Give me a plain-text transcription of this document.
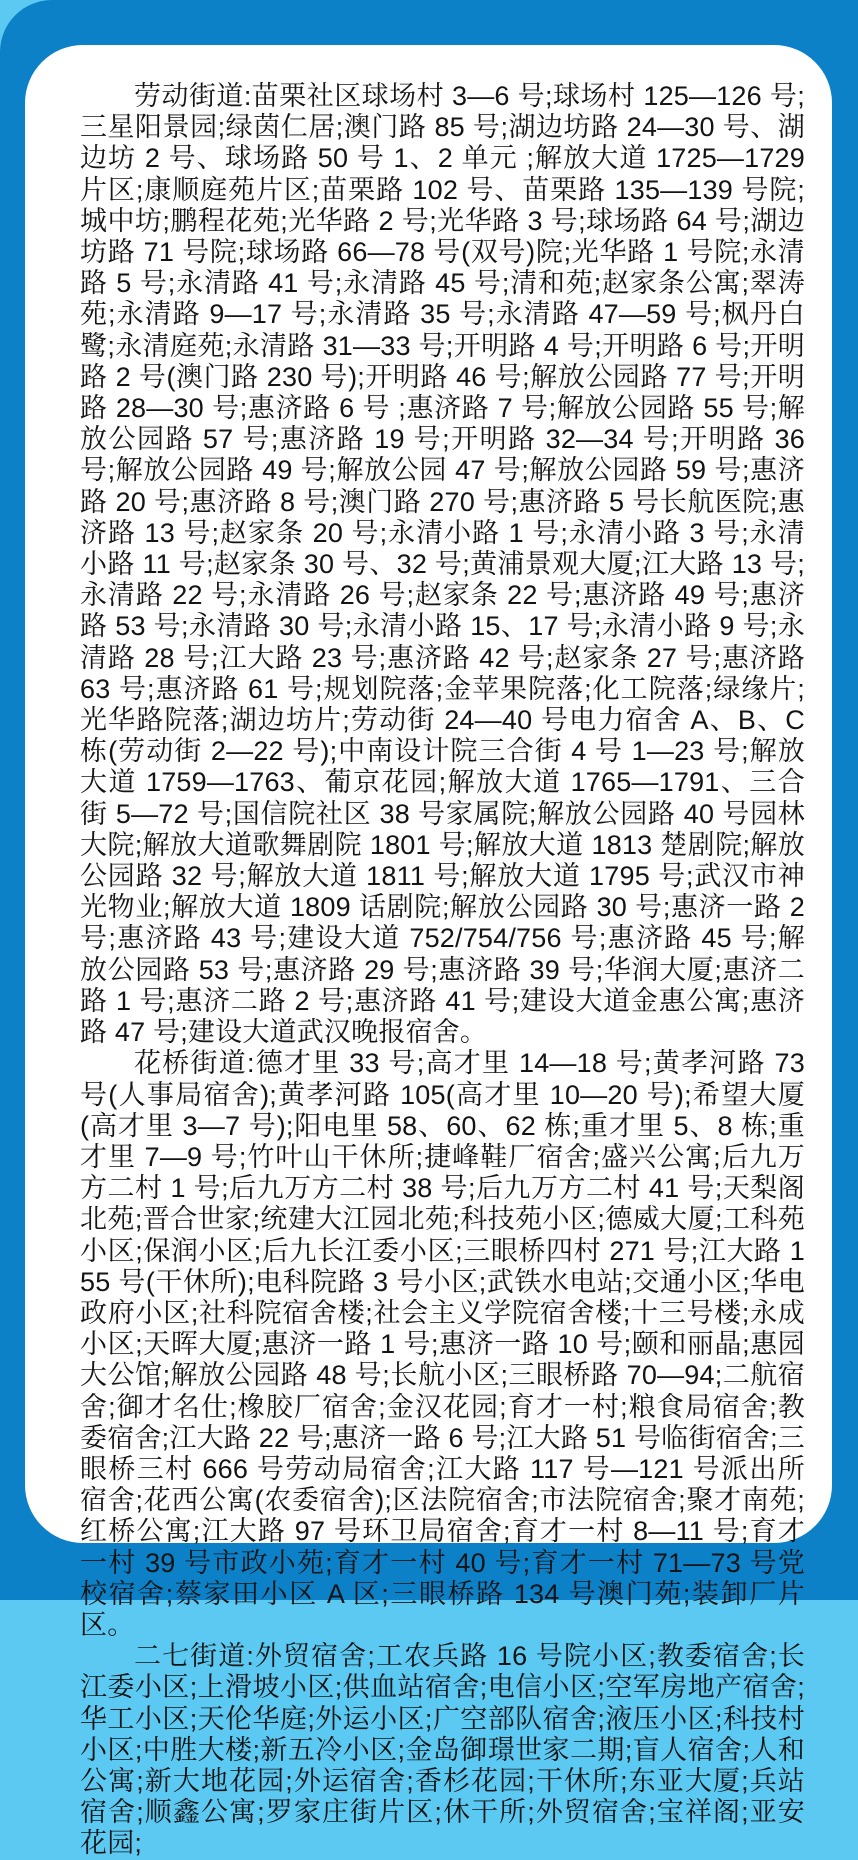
劳动街道:苗栗社区球场村 3—6 号;球场村 125—126 号;三星阳景园;绿茵仁居;澳门路 85 号;湖边坊路 24—30 号、湖边坊 2 号、球场路 50 号 1、2 单元 ;解放大道 1725—1729 片区;康顺庭苑片区;苗栗路 102 号、苗栗路 135—139 号院;城中坊;鹏程花苑;光华路 2 号;光华路 3 号;球场路 64 号;湖边坊路 71 号院;球场路 66—78 号(双号)院;光华路 1 号院;永清路 5 号;永清路 41 号;永清路 45 号;清和苑;赵家条公寓;翠涛苑;永清路 9—17 号;永清路 35 号;永清路 47—59 号;枫丹白鹭;永清庭苑;永清路 31—33 号;开明路 4 号;开明路 6 号;开明路 2 号(澳门路 230 号);开明路 46 号;解放公园路 77 号;开明路 28—30 号;惠济路 6 号 ;惠济路 7 号;解放公园路 55 号;解放公园路 57 号;惠济路 19 号;开明路 32—34 号;开明路 36 号;解放公园路 49 号;解放公园 47 号;解放公园路 59 号;惠济路 20 号;惠济路 8 号;澳门路 270 号;惠济路 5 号长航医院;惠济路 13 号;赵家条 20 号;永清小路 1 号;永清小路 3 号;永清小路 11 号;赵家条 30 号、32 号;黄浦景观大厦;江大路 13 号;永清路 22 号;永清路 26 号;赵家条 22 号;惠济路 49 号;惠济路 53 号;永清路 30 号;永清小路 15、17 号;永清小路 9 号;永清路 28 号;江大路 23 号;惠济路 42 号;赵家条 27 号;惠济路 63 号;惠济路 61 号;规划院落;金苹果院落;化工院落;绿缘片;光华路院落;湖边坊片;劳动街 24—40 号电力宿舍 A、B、C 栋(劳动街 2—22 号);中南设计院三合街 4 号 1—23 号;解放大道 1759—1763、葡京花园;解放大道 1765—1791、三合街 5—72 号;国信院社区 38 号家属院;解放公园路 40 号园林大院;解放大道歌舞剧院 1801 号;解放大道 1813 楚剧院;解放公园路 32 号;解放大道 1811 号;解放大道 1795 号;武汉市神光物业;解放大道 1809 话剧院;解放公园路 30 号;惠济一路 2 号;惠济路 43 号;建设大道 752/754/756 号;惠济路 45 号;解放公园路 53 号;惠济路 29 号;惠济路 39 号;华润大厦;惠济二路 1 号;惠济二路 2 号;惠济路 41 号;建设大道金惠公寓;惠济路 47 号;建设大道武汉晚报宿舍。

花桥街道:德才里 33 号;高才里 14—18 号;黄孝河路 73 号(人事局宿舍);黄孝河路 105(高才里 10—20 号);希望大厦(高才里 3—7 号);阳电里 58、60、62 栋;重才里 5、8 栋;重才里 7—9 号;竹叶山干休所;捷峰鞋厂宿舍;盛兴公寓;后九万方二村 1 号;后九万方二村 38 号;后九万方二村 41 号;天梨阁北苑;晋合世家;统建大江园北苑;科技苑小区;德威大厦;工科苑小区;保润小区;后九长江委小区;三眼桥四村 271 号;江大路 155 号(干休所);电科院路 3 号小区;武铁水电站;交通小区;华电政府小区;社科院宿舍楼;社会主义学院宿舍楼;十三号楼;永成小区;天晖大厦;惠济一路 1 号;惠济一路 10 号;颐和丽晶;惠园大公馆;解放公园路 48 号;长航小区;三眼桥路 70—94;二航宿舍;御才名仕;橡胶厂宿舍;金汉花园;育才一村;粮食局宿舍;教委宿舍;江大路 22 号;惠济一路 6 号;江大路 51 号临街宿舍;三眼桥三村 666 号劳动局宿舍;江大路 117 号—121 号派出所宿舍;花西公寓(农委宿舍);区法院宿舍;市法院宿舍;聚才南苑;红桥公寓;江大路 97 号环卫局宿舍;育才一村 8—11 号;育才一村 39 号市政小苑;育才一村 40 号;育才一村 71—73 号党校宿舍;蔡家田小区 A 区;三眼桥路 134 号澳门苑;装卸厂片区。

二七街道:外贸宿舍;工农兵路 16 号院小区;教委宿舍;长江委小区;上滑坡小区;供血站宿舍;电信小区;空军房地产宿舍;华工小区;天伦华庭;外运小区;广空部队宿舍;液压小区;科技村小区;中胜大楼;新五冷小区;金岛御璟世家二期;盲人宿舍;人和公寓;新大地花园;外运宿舍;香杉花园;干休所;东亚大厦;兵站宿舍;顺鑫公寓;罗家庄街片区;休干所;外贸宿舍;宝祥阁;亚安花园;
